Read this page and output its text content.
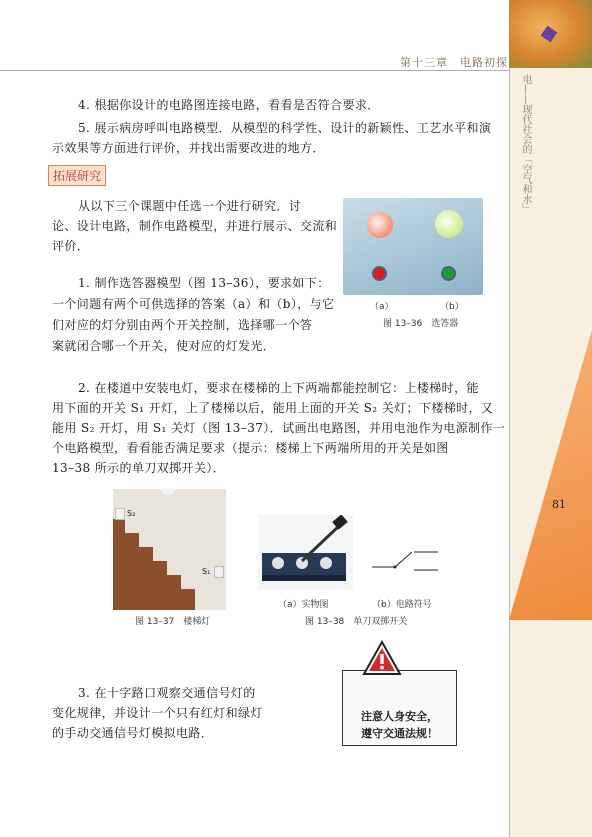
第十三章　电路初探
电——现代社会的「空气和水」
81
4. 根据你设计的电路图连接电路，看看是否符合要求．
5. 展示病房呼叫电路模型．从模型的科学性、设计的新颖性、工艺水平和演
示效果等方面进行评价，并找出需要改进的地方．
拓展研究
从以下三个课题中任选一个进行研究．讨
论、设计电路，制作电路模型，并进行展示、交流和
评价．
1. 制作选答器模型（图 13–36），要求如下：
一个问题有两个可供选择的答案（a）和（b），与它
们对应的灯分别由两个开关控制，选择哪一个答
案就闭合哪一个开关，使对应的灯发光．
（a）	（b）
图 13–36　选答器
2. 在楼道中安装电灯，要求在楼梯的上下两端都能控制它：上楼梯时，能
用下面的开关 S₁ 开灯，上了楼梯以后，能用上面的开关 S₂ 关灯；下楼梯时，又
能用 S₂ 开灯，用 S₁ 关灯（图 13–37）．试画出电路图，并用电池作为电源制作一
个电路模型，看看能否满足要求（提示：楼梯上下两端所用的开关是如图
13–38 所示的单刀双掷开关）．
S₂
S₁
图 13–37　楼梯灯
（a）实物图	（b）电路符号
图 13–38　单刀双掷开关
3. 在十字路口观察交通信号灯的
变化规律，并设计一个只有红灯和绿灯
的手动交通信号灯模拟电路．
注意人身安全，
遵守交通法规！
